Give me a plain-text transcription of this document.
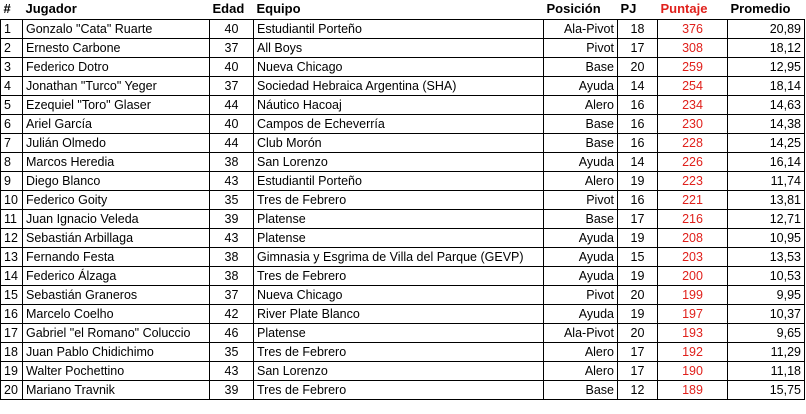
#	Jugador	Edad	Equipo	Posición	PJ	Puntaje	Promedio
1	Gonzalo "Cata" Ruarte	40	Estudiantil Porteño	Ala-Pivot	18	376	20,89
2	Ernesto Carbone	37	All Boys	Pivot	17	308	18,12
3	Federico Dotro	40	Nueva Chicago	Base	20	259	12,95
4	Jonathan "Turco" Yeger	37	Sociedad Hebraica Argentina (SHA)	Ayuda	14	254	18,14
5	Ezequiel "Toro" Glaser	44	Náutico Hacoaj	Alero	16	234	14,63
6	Ariel García	40	Campos de Echeverría	Base	16	230	14,38
7	Julián Olmedo	44	Club Morón	Base	16	228	14,25
8	Marcos Heredia	38	San Lorenzo	Ayuda	14	226	16,14
9	Diego Blanco	43	Estudiantil Porteño	Alero	19	223	11,74
10	Federico Goity	35	Tres de Febrero	Pivot	16	221	13,81
11	Juan Ignacio Veleda	39	Platense	Base	17	216	12,71
12	Sebastián Arbillaga	43	Platense	Ayuda	19	208	10,95
13	Fernando Festa	38	Gimnasia y Esgrima de Villa del Parque (GEVP)	Ayuda	15	203	13,53
14	Federico Álzaga	38	Tres de Febrero	Ayuda	19	200	10,53
15	Sebastián Graneros	37	Nueva Chicago	Pivot	20	199	9,95
16	Marcelo Coelho	42	River Plate Blanco	Ayuda	19	197	10,37
17	Gabriel "el Romano" Coluccio	46	Platense	Ala-Pivot	20	193	9,65
18	Juan Pablo Chidichimo	35	Tres de Febrero	Alero	17	192	11,29
19	Walter Pochettino	43	San Lorenzo	Alero	17	190	11,18
20	Mariano Travnik	39	Tres de Febrero	Base	12	189	15,75
